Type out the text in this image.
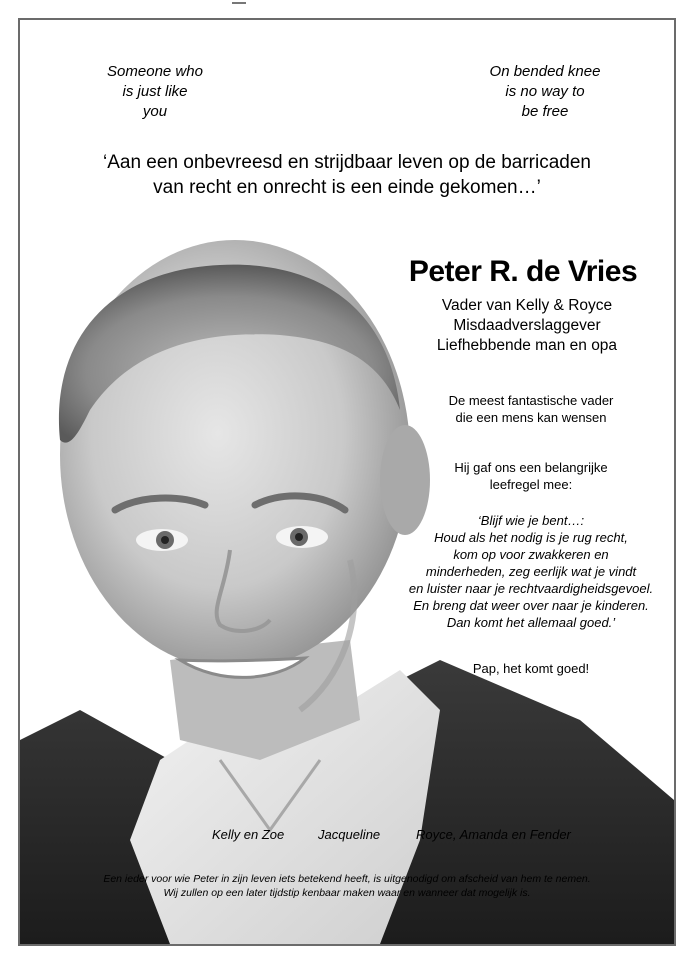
Someone who
is just like
you
On bended knee
is no way to
be free
‘Aan een onbevreesd en strijdbaar leven op de barricaden
van recht en onrecht is een einde gekomen…’
Peter R. de Vries
Vader van Kelly & Royce
Misdaadverslaggever
Liefhebbende man en opa
De meest fantastische vader
die een mens kan wensen
Hij gaf ons een belangrijke
leefregel mee:
‘Blijf wie je bent…:
Houd als het nodig is je rug recht,
kom op voor zwakkeren en
minderheden, zeg eerlijk wat je vindt
en luister naar je rechtvaardigheidsgevoel.
En breng dat weer over naar je kinderen.
Dan komt het allemaal goed.’
Pap, het komt goed!
Kelly en Zoe	Jacqueline	Royce, Amanda en Fender
Een ieder voor wie Peter in zijn leven iets betekend heeft, is uitgenodigd om afscheid van hem te nemen.
Wij zullen op een later tijdstip kenbaar maken waar en wanneer dat mogelijk is.
